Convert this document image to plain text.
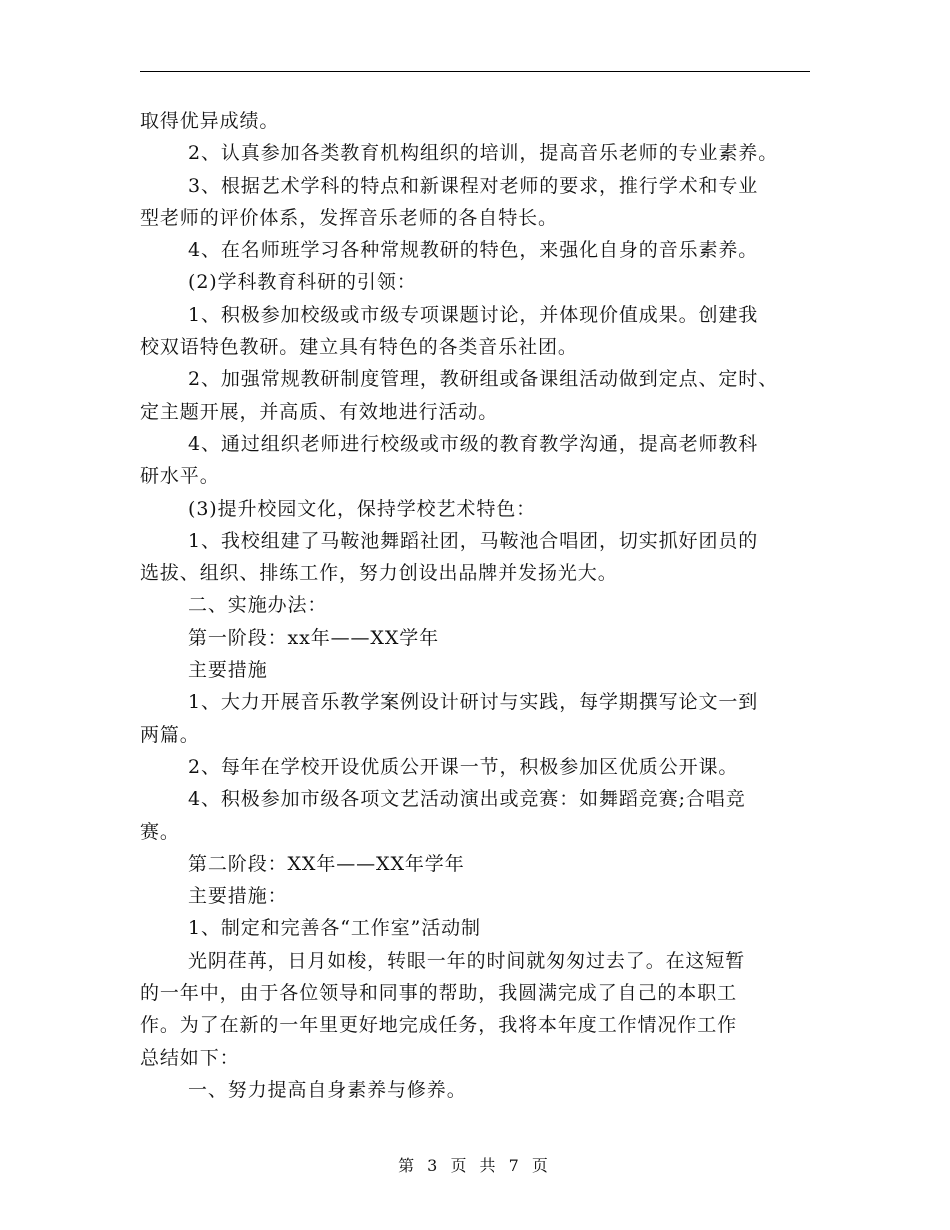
取得优异成绩。

2、认真参加各类教育机构组织的培训，提高音乐老师的专业素养。

3、根据艺术学科的特点和新课程对老师的要求，推行学术和专业

型老师的评价体系，发挥音乐老师的各自特长。

4、在名师班学习各种常规教研的特色，来强化自身的音乐素养。

(2)学科教育科研的引领：

1、积极参加校级或市级专项课题讨论，并体现价值成果。创建我

校双语特色教研。建立具有特色的各类音乐社团。

2、加强常规教研制度管理，教研组或备课组活动做到定点、定时、

定主题开展，并高质、有效地进行活动。

4、通过组织老师进行校级或市级的教育教学沟通，提高老师教科

研水平。

(3)提升校园文化，保持学校艺术特色：

1、我校组建了马鞍池舞蹈社团，马鞍池合唱团，切实抓好团员的

选拔、组织、排练工作，努力创设出品牌并发扬光大。

二、实施办法：

第一阶段：xx年——XX学年

主要措施

1、大力开展音乐教学案例设计研讨与实践，每学期撰写论文一到

两篇。

2、每年在学校开设优质公开课一节，积极参加区优质公开课。

4、积极参加市级各项文艺活动演出或竞赛：如舞蹈竞赛;合唱竞

赛。

第二阶段：XX年——XX年学年

主要措施：

1、制定和完善各“工作室”活动制

光阴荏苒，日月如梭，转眼一年的时间就匆匆过去了。在这短暂

的一年中，由于各位领导和同事的帮助，我圆满完成了自己的本职工

作。为了在新的一年里更好地完成任务，我将本年度工作情况作工作

总结如下：

一、努力提高自身素养与修养。

第 3 页 共 7 页
